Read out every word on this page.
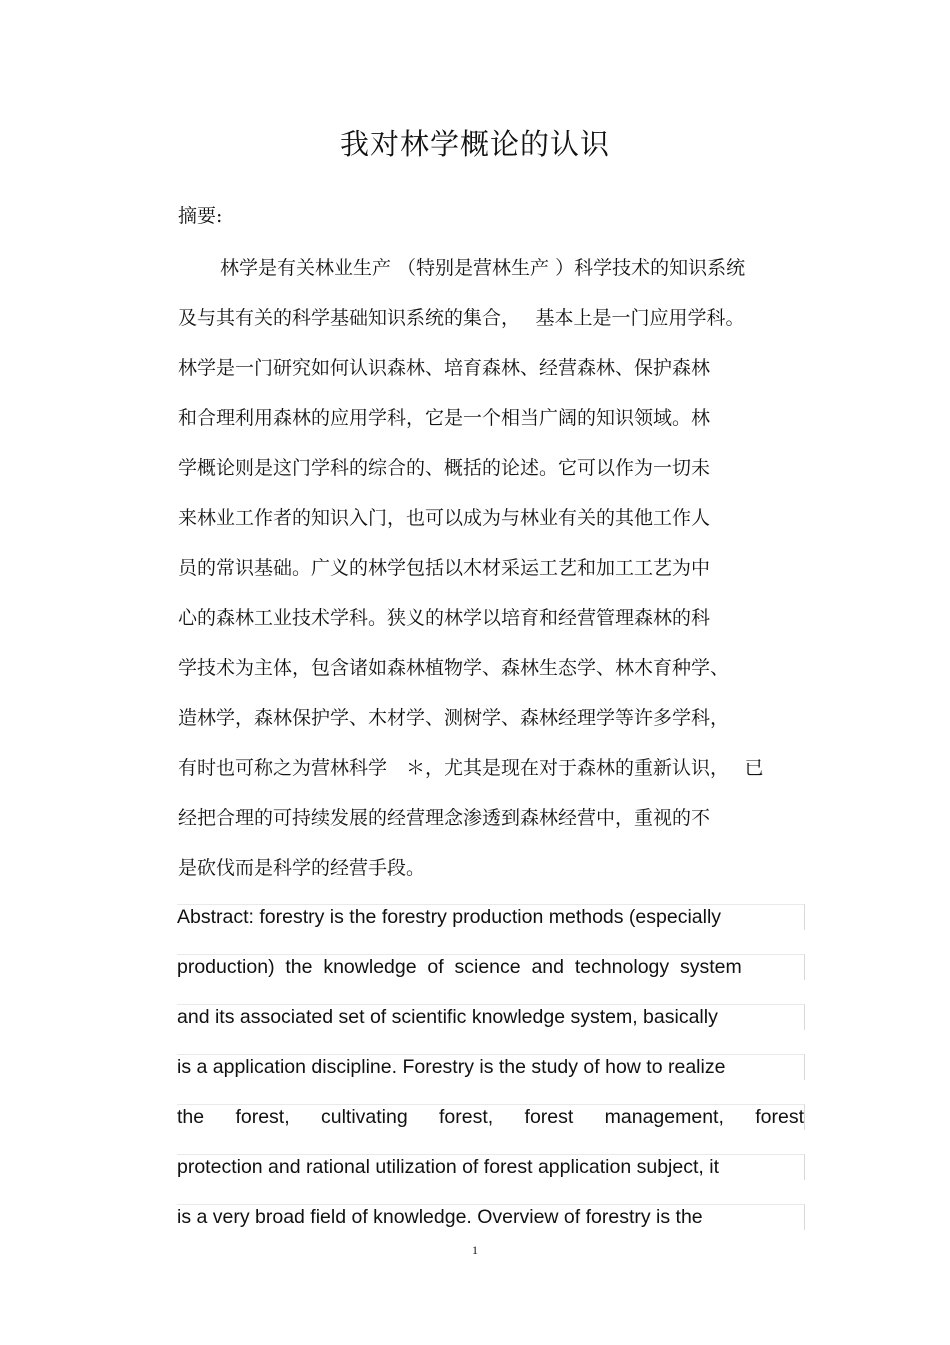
我对林学概论的认识
摘要:
林学是有关林业生产 （特别是营林生产 ）科学技术的知识系统
及与其有关的科学基础知识系统的集合，　 基本上是一门应用学科。
林学是一门研究如何认识森林、培育森林、经营森林、保护森林
和合理利用森林的应用学科，它是一个相当广阔的知识领域。林
学概论则是这门学科的综合的、概括的论述。它可以作为一切未
来林业工作者的知识入门，也可以成为与林业有关的其他工作人
员的常识基础。广义的林学包括以木材采运工艺和加工工艺为中
心的森林工业技术学科。狭义的林学以培育和经营管理森林的科
学技术为主体，包含诸如森林植物学、森林生态学、林木育种学、
造林学，森林保护学、木材学、测树学、森林经理学等许多学科，
有时也可称之为营林科学　＊，尤其是现在对于森林的重新认识，　 已
经把合理的可持续发展的经营理念渗透到森林经营中，重视的不
是砍伐而是科学的经营手段。
Abstract: forestry is the forestry production methods (especially
production)  the  knowledge  of  science  and  technology  system
and its associated set of scientific knowledge system, basically
is a application discipline. Forestry is the study of how to realize
the forest, cultivating forest, forest management, forest
protection and rational utilization of forest application subject, it
is a very broad field of knowledge. Overview of forestry is the
1
